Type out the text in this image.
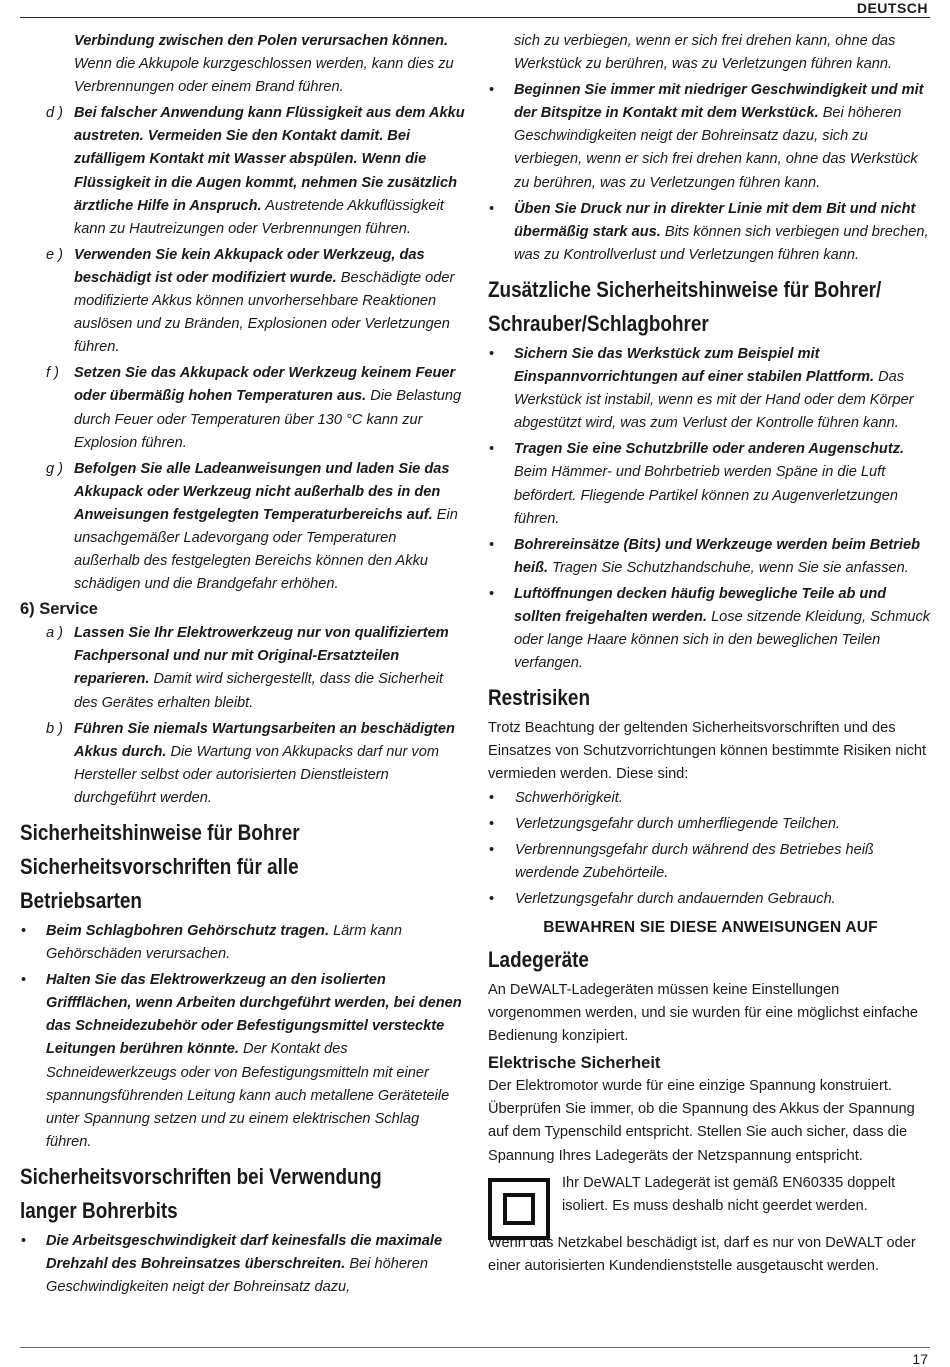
DEUTSCH
Verbindung zwischen den Polen verursachen können. Wenn die Akkupole kurzgeschlossen werden, kann dies zu Verbrennungen oder einem Brand führen.
d ) Bei falscher Anwendung kann Flüssigkeit aus dem Akku austreten. Vermeiden Sie den Kontakt damit. Bei zufälligem Kontakt mit Wasser abspülen. Wenn die Flüssigkeit in die Augen kommt, nehmen Sie zusätzlich ärztliche Hilfe in Anspruch. Austretende Akkuflüssigkeit kann zu Hautreizungen oder Verbrennungen führen.
e ) Verwenden Sie kein Akkupack oder Werkzeug, das beschädigt ist oder modifiziert wurde. Beschädigte oder modifizierte Akkus können unvorhersehbare Reaktionen auslösen und zu Bränden, Explosionen oder Verletzungen führen.
f ) Setzen Sie das Akkupack oder Werkzeug keinem Feuer oder übermäßig hohen Temperaturen aus. Die Belastung durch Feuer oder Temperaturen über 130 °C kann zur Explosion führen.
g ) Befolgen Sie alle Ladeanweisungen und laden Sie das Akkupack oder Werkzeug nicht außerhalb des in den Anweisungen festgelegten Temperaturbereichs auf. Ein unsachgemäßer Ladevorgang oder Temperaturen außerhalb des festgelegten Bereichs können den Akku schädigen und die Brandgefahr erhöhen.
6) Service
a ) Lassen Sie Ihr Elektrowerkzeug nur von qualifiziertem Fachpersonal und nur mit Original-Ersatzteilen reparieren. Damit wird sichergestellt, dass die Sicherheit des Gerätes erhalten bleibt.
b ) Führen Sie niemals Wartungsarbeiten an beschädigten Akkus durch. Die Wartung von Akkupacks darf nur vom Hersteller selbst oder autorisierten Dienstleistern durchgeführt werden.
Sicherheitshinweise für Bohrer
Sicherheitsvorschriften für alle
Betriebsarten
• Beim Schlagbohren Gehörschutz tragen. Lärm kann Gehörschäden verursachen.
• Halten Sie das Elektrowerkzeug an den isolierten Griffflächen, wenn Arbeiten durchgeführt werden, bei denen das Schneidezubehör oder Befestigungsmittel versteckte Leitungen berühren könnte. Der Kontakt des Schneidewerkzeugs oder von Befestigungsmitteln mit einer spannungsführenden Leitung kann auch metallene Geräteteile unter Spannung setzen und zu einem elektrischen Schlag führen.
Sicherheitsvorschriften bei Verwendung
langer Bohrerbits
• Die Arbeitsgeschwindigkeit darf keinesfalls die maximale Drehzahl des Bohreinsatzes überschreiten. Bei höheren Geschwindigkeiten neigt der Bohreinsatz dazu,
sich zu verbiegen, wenn er sich frei drehen kann, ohne das Werkstück zu berühren, was zu Verletzungen führen kann.
• Beginnen Sie immer mit niedriger Geschwindigkeit und mit der Bitspitze in Kontakt mit dem Werkstück. Bei höheren Geschwindigkeiten neigt der Bohreinsatz dazu, sich zu verbiegen, wenn er sich frei drehen kann, ohne das Werkstück zu berühren, was zu Verletzungen führen kann.
• Üben Sie Druck nur in direkter Linie mit dem Bit und nicht übermäßig stark aus. Bits können sich verbiegen und brechen, was zu Kontrollverlust und Verletzungen führen kann.
Zusätzliche Sicherheitshinweise für Bohrer/
Schrauber/Schlagbohrer
• Sichern Sie das Werkstück zum Beispiel mit Einspannvorrichtungen auf einer stabilen Plattform. Das Werkstück ist instabil, wenn es mit der Hand oder dem Körper abgestützt wird, was zum Verlust der Kontrolle führen kann.
• Tragen Sie eine Schutzbrille oder anderen Augenschutz. Beim Hämmer- und Bohrbetrieb werden Späne in die Luft befördert. Fliegende Partikel können zu Augenverletzungen führen.
• Bohrereinsätze (Bits) und Werkzeuge werden beim Betrieb heiß. Tragen Sie Schutzhandschuhe, wenn Sie sie anfassen.
• Luftöffnungen decken häufig bewegliche Teile ab und sollten freigehalten werden. Lose sitzende Kleidung, Schmuck oder lange Haare können sich in den beweglichen Teilen verfangen.
Restrisiken

Trotz Beachtung der geltenden Sicherheitsvorschriften und des Einsatzes von Schutzvorrichtungen können bestimmte Risiken nicht vermieden werden. Diese sind:

• Schwerhörigkeit.
• Verletzungsgefahr durch umherfliegende Teilchen.
• Verbrennungsgefahr durch während des Betriebes heiß werdende Zubehörteile.
• Verletzungsgefahr durch andauernden Gebrauch.
BEWAHREN SIE DIESE ANWEISUNGEN AUF
Ladegeräte

An DeWALT-Ladegeräten müssen keine Einstellungen vorgenommen werden, und sie wurden für eine möglichst einfache Bedienung konzipiert.

Elektrische Sicherheit

Der Elektromotor wurde für eine einzige Spannung konstruiert. Überprüfen Sie immer, ob die Spannung des Akkus der Spannung auf dem Typenschild entspricht. Stellen Sie auch sicher, dass die Spannung Ihres Ladegeräts der Netzspannung entspricht.

Ihr DeWALT Ladegerät ist gemäß EN60335 doppelt isoliert. Es muss deshalb nicht geerdet werden.

Wenn das Netzkabel beschädigt ist, darf es nur von DeWALT oder einer autorisierten Kundendienststelle ausgetauscht werden.

17
